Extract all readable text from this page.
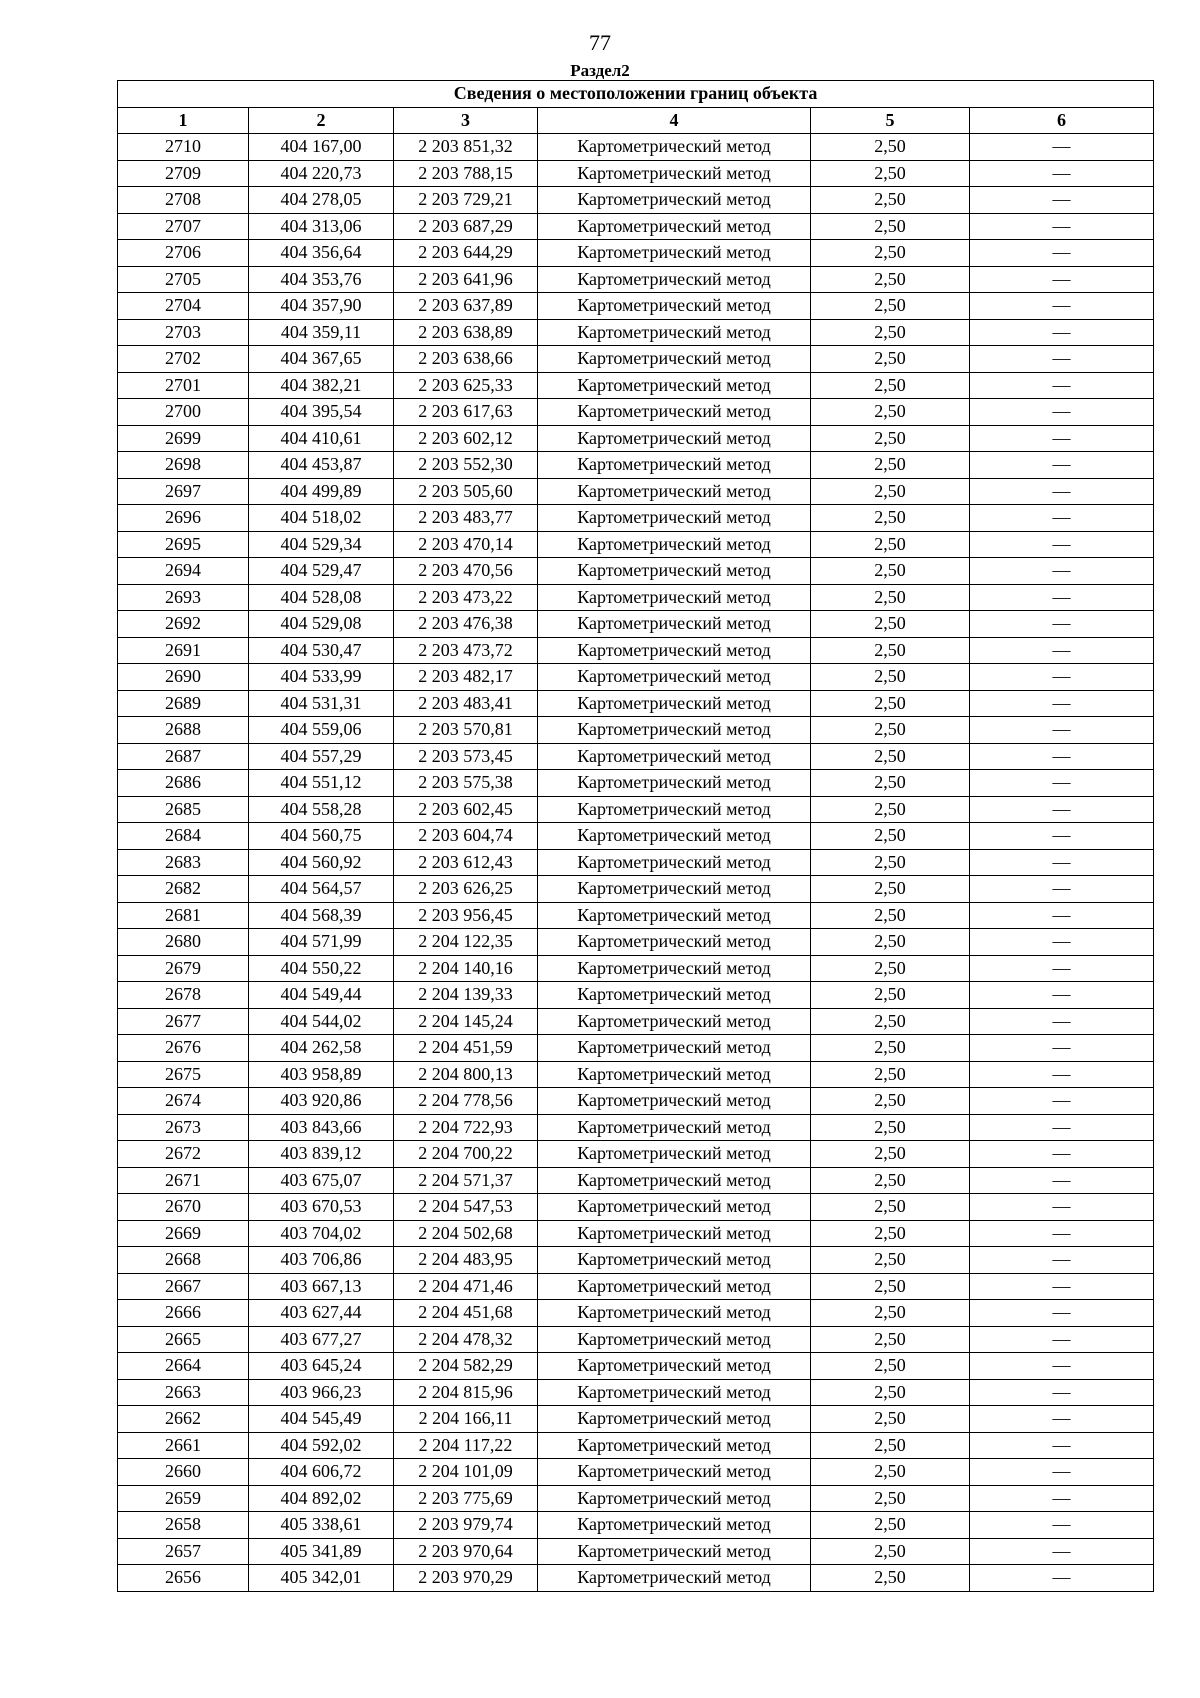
77
Раздел2
Сведения о местоположении границ объекта					
1	2	3	4	5	6
2710	404 167,00	2 203 851,32	Картометрический метод	2,50	—
2709	404 220,73	2 203 788,15	Картометрический метод	2,50	—
2708	404 278,05	2 203 729,21	Картометрический метод	2,50	—
2707	404 313,06	2 203 687,29	Картометрический метод	2,50	—
2706	404 356,64	2 203 644,29	Картометрический метод	2,50	—
2705	404 353,76	2 203 641,96	Картометрический метод	2,50	—
2704	404 357,90	2 203 637,89	Картометрический метод	2,50	—
2703	404 359,11	2 203 638,89	Картометрический метод	2,50	—
2702	404 367,65	2 203 638,66	Картометрический метод	2,50	—
2701	404 382,21	2 203 625,33	Картометрический метод	2,50	—
2700	404 395,54	2 203 617,63	Картометрический метод	2,50	—
2699	404 410,61	2 203 602,12	Картометрический метод	2,50	—
2698	404 453,87	2 203 552,30	Картометрический метод	2,50	—
2697	404 499,89	2 203 505,60	Картометрический метод	2,50	—
2696	404 518,02	2 203 483,77	Картометрический метод	2,50	—
2695	404 529,34	2 203 470,14	Картометрический метод	2,50	—
2694	404 529,47	2 203 470,56	Картометрический метод	2,50	—
2693	404 528,08	2 203 473,22	Картометрический метод	2,50	—
2692	404 529,08	2 203 476,38	Картометрический метод	2,50	—
2691	404 530,47	2 203 473,72	Картометрический метод	2,50	—
2690	404 533,99	2 203 482,17	Картометрический метод	2,50	—
2689	404 531,31	2 203 483,41	Картометрический метод	2,50	—
2688	404 559,06	2 203 570,81	Картометрический метод	2,50	—
2687	404 557,29	2 203 573,45	Картометрический метод	2,50	—
2686	404 551,12	2 203 575,38	Картометрический метод	2,50	—
2685	404 558,28	2 203 602,45	Картометрический метод	2,50	—
2684	404 560,75	2 203 604,74	Картометрический метод	2,50	—
2683	404 560,92	2 203 612,43	Картометрический метод	2,50	—
2682	404 564,57	2 203 626,25	Картометрический метод	2,50	—
2681	404 568,39	2 203 956,45	Картометрический метод	2,50	—
2680	404 571,99	2 204 122,35	Картометрический метод	2,50	—
2679	404 550,22	2 204 140,16	Картометрический метод	2,50	—
2678	404 549,44	2 204 139,33	Картометрический метод	2,50	—
2677	404 544,02	2 204 145,24	Картометрический метод	2,50	—
2676	404 262,58	2 204 451,59	Картометрический метод	2,50	—
2675	403 958,89	2 204 800,13	Картометрический метод	2,50	—
2674	403 920,86	2 204 778,56	Картометрический метод	2,50	—
2673	403 843,66	2 204 722,93	Картометрический метод	2,50	—
2672	403 839,12	2 204 700,22	Картометрический метод	2,50	—
2671	403 675,07	2 204 571,37	Картометрический метод	2,50	—
2670	403 670,53	2 204 547,53	Картометрический метод	2,50	—
2669	403 704,02	2 204 502,68	Картометрический метод	2,50	—
2668	403 706,86	2 204 483,95	Картометрический метод	2,50	—
2667	403 667,13	2 204 471,46	Картометрический метод	2,50	—
2666	403 627,44	2 204 451,68	Картометрический метод	2,50	—
2665	403 677,27	2 204 478,32	Картометрический метод	2,50	—
2664	403 645,24	2 204 582,29	Картометрический метод	2,50	—
2663	403 966,23	2 204 815,96	Картометрический метод	2,50	—
2662	404 545,49	2 204 166,11	Картометрический метод	2,50	—
2661	404 592,02	2 204 117,22	Картометрический метод	2,50	—
2660	404 606,72	2 204 101,09	Картометрический метод	2,50	—
2659	404 892,02	2 203 775,69	Картометрический метод	2,50	—
2658	405 338,61	2 203 979,74	Картометрический метод	2,50	—
2657	405 341,89	2 203 970,64	Картометрический метод	2,50	—
2656	405 342,01	2 203 970,29	Картометрический метод	2,50	—
